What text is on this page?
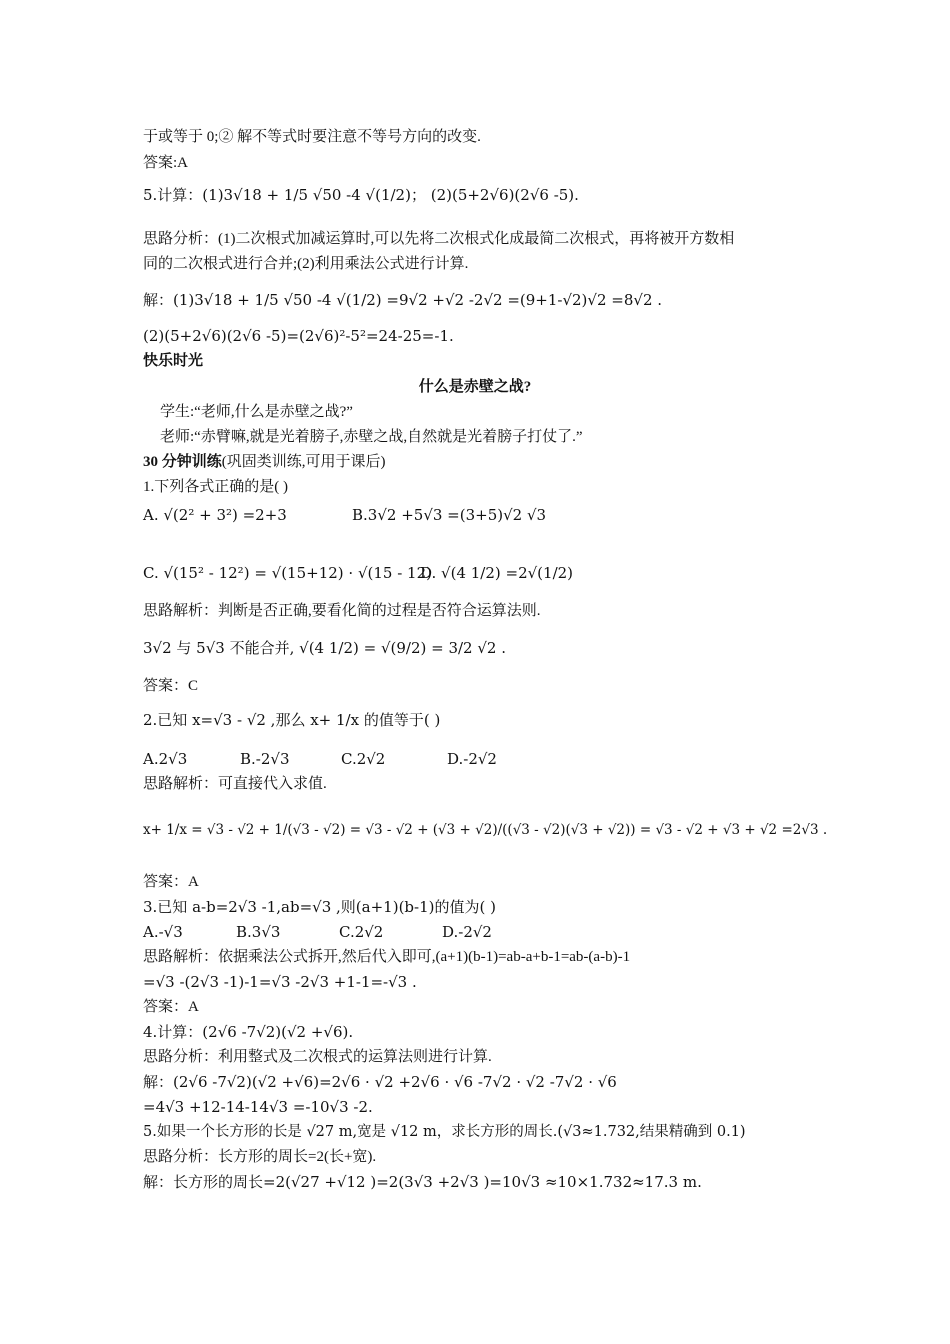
于或等于 0;② 解不等式时要注意不等号方向的改变.
答案:A
5.计算：(1)3√18 + 1/5 √50 -4 √(1/2)； (2)(5+2√6)(2√6 -5).
思路分析：(1)二次根式加减运算时,可以先将二次根式化成最简二次根式，再将被开方数相
同的二次根式进行合并;(2)利用乘法公式进行计算.
解：(1)3√18 + 1/5 √50 -4 √(1/2) =9√2 +√2 -2√2 =(9+1-√2)√2 =8√2 .
(2)(5+2√6)(2√6 -5)=(2√6)²-5²=24-25=-1.
快乐时光
什么是赤壁之战?
学生:“老师,什么是赤壁之战?”
老师:“赤臂嘛,就是光着膀子,赤壁之战,自然就是光着膀子打仗了.”
30 分钟训练(巩固类训练,可用于课后)
1.下列各式正确的是( )
A. √(2² + 3²) =2+3	B.3√2 +5√3 =(3+5)√2 √3
C. √(15² - 12²) = √(15+12) · √(15 - 12)
D. √(4 1/2) =2√(1/2)
思路解析：判断是否正确,要看化简的过程是否符合运算法则.
3√2 与 5√3 不能合并, √(4 1/2) = √(9/2) = 3/2 √2 .
答案：C
2.已知 x=√3 - √2 ,那么 x+ 1/x 的值等于( )
A.2√3	B.-2√3	C.2√2	D.-2√2
思路解析：可直接代入求值.
x+ 1/x = √3 - √2 + 1/(√3 - √2) = √3 - √2 + (√3 + √2)/((√3 - √2)(√3 + √2)) = √3 - √2 + √3 + √2 =2√3 .
答案：A
3.已知 a-b=2√3 -1,ab=√3 ,则(a+1)(b-1)的值为( )
A.-√3	B.3√3	C.2√2	D.-2√2
思路解析：依据乘法公式拆开,然后代入即可,(a+1)(b-1)=ab-a+b-1=ab-(a-b)-1
=√3 -(2√3 -1)-1=√3 -2√3 +1-1=-√3 .
答案：A
4.计算：(2√6 -7√2)(√2 +√6).
思路分析：利用整式及二次根式的运算法则进行计算.
解：(2√6 -7√2)(√2 +√6)=2√6 · √2 +2√6 · √6 -7√2 · √2 -7√2 · √6
=4√3 +12-14-14√3 =-10√3 -2.
5.如果一个长方形的长是 √27 m,宽是 √12 m，求长方形的周长.(√3≈1.732,结果精确到 0.1)
思路分析：长方形的周长=2(长+宽).
解：长方形的周长=2(√27 +√12 )=2(3√3 +2√3 )=10√3 ≈10×1.732≈17.3 m.
